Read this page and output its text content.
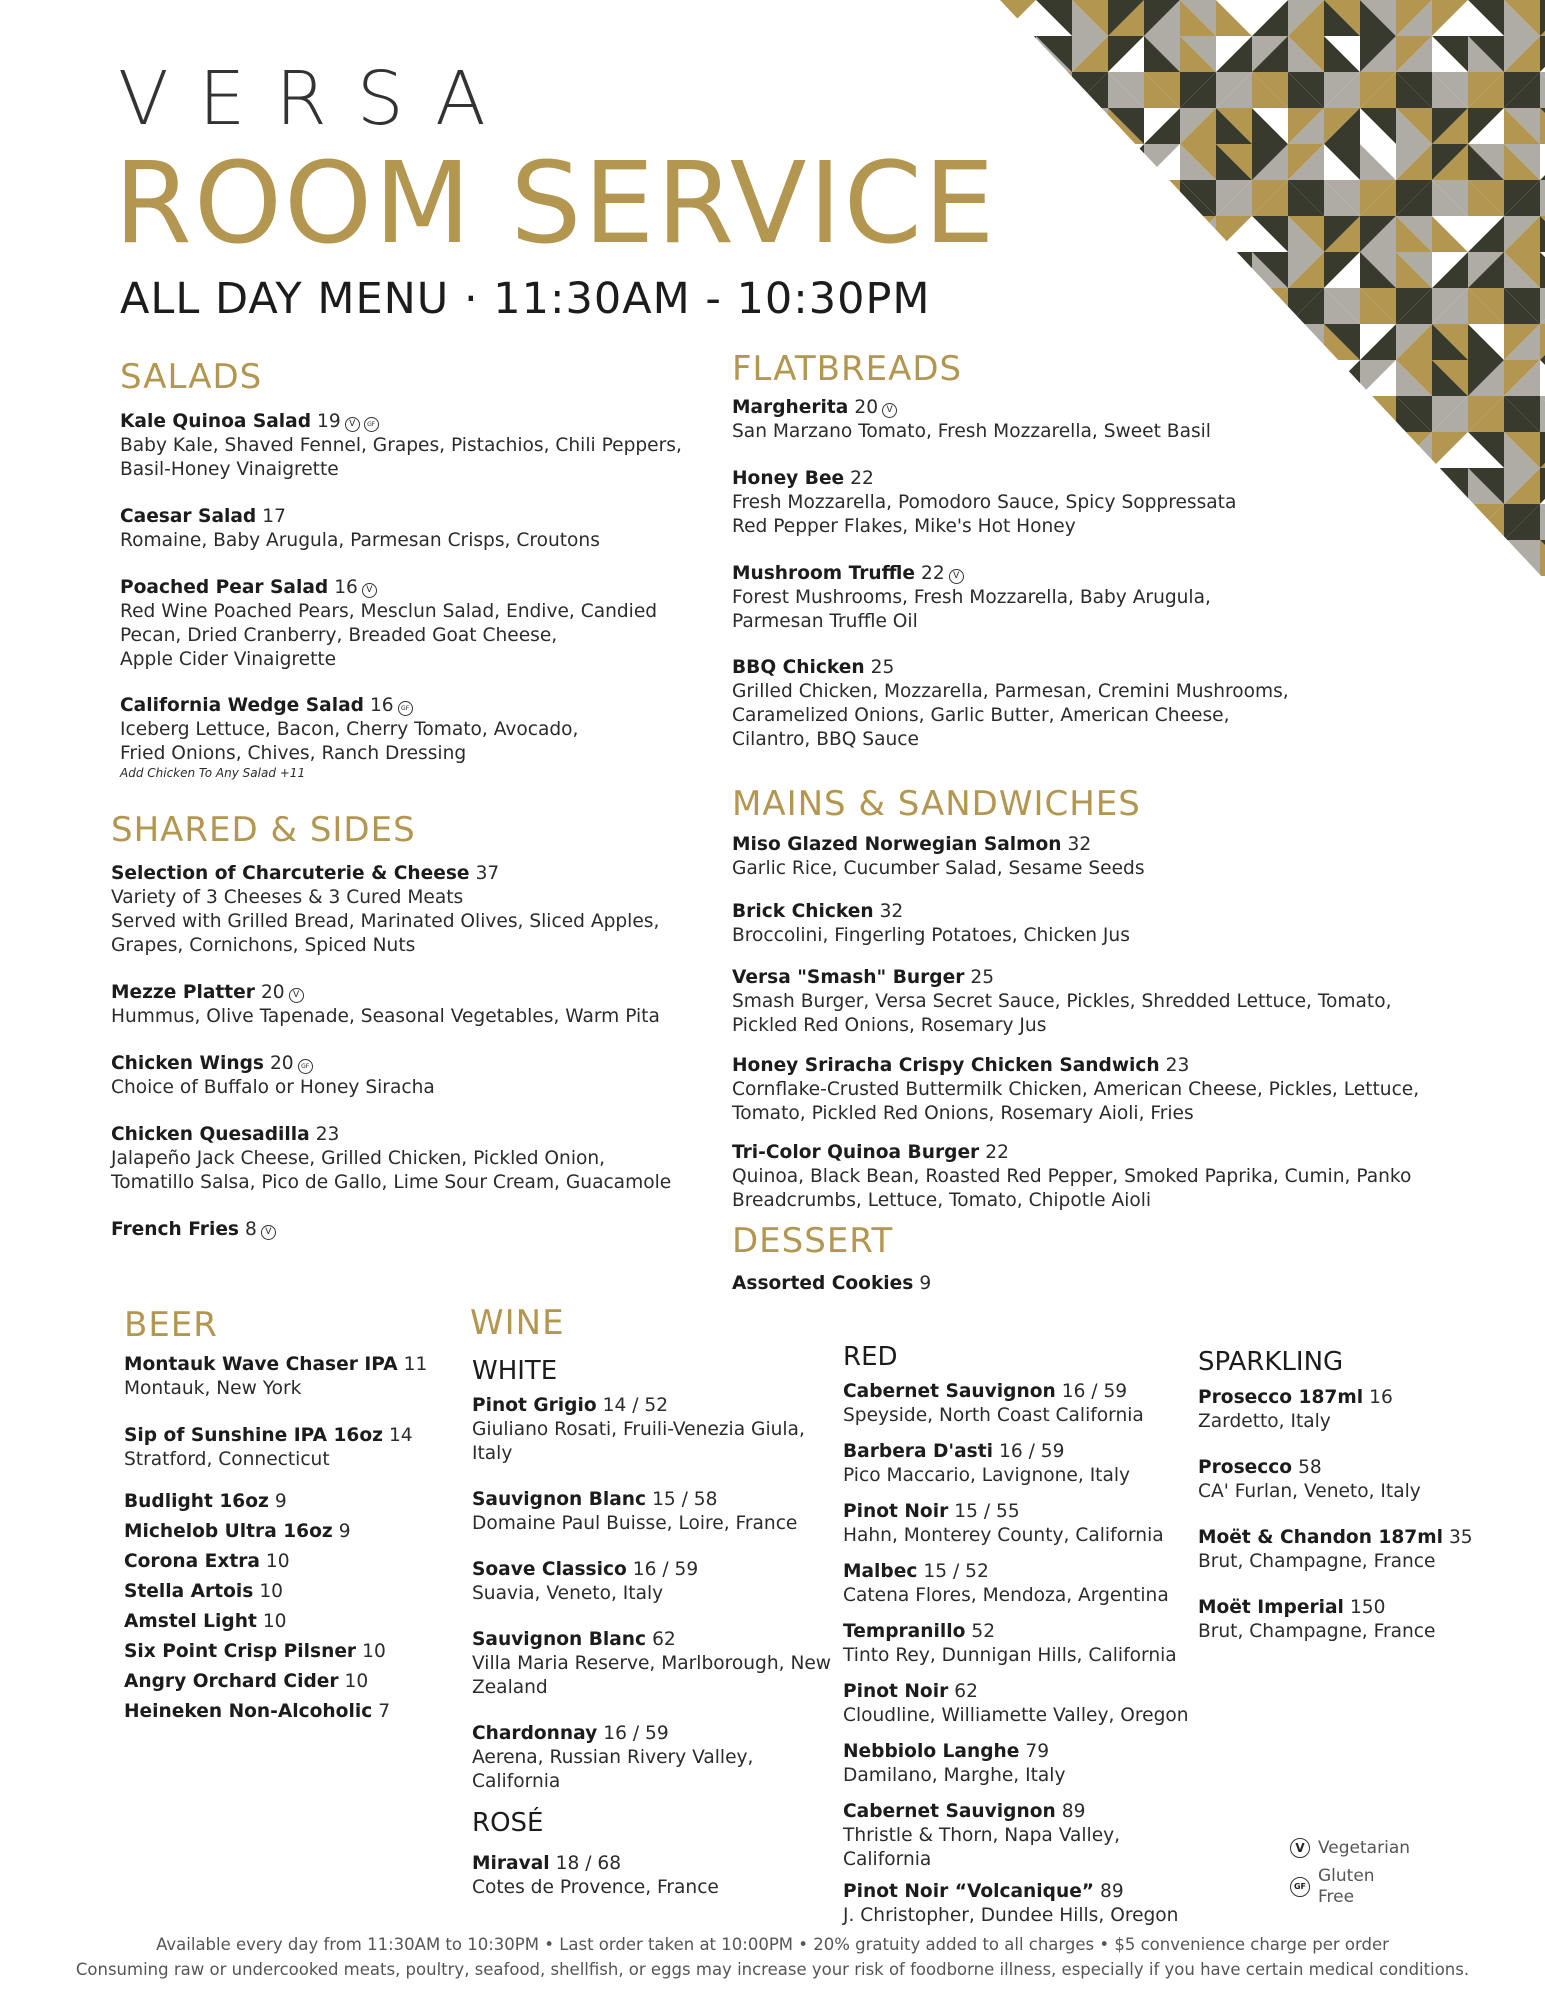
VERSA
ROOM SERVICE
ALL DAY MENU · 11:30AM - 10:30PM
SALADS
SHARED & SIDES
FLATBREADS
MAINS & SANDWICHES
DESSERT
BEER	WINE
WHITE
ROSÉ
RED	SPARKLING
Kale Quinoa Salad 19 V GF
Baby Kale, Shaved Fennel, Grapes, Pistachios, Chili Peppers,
Basil-Honey Vinaigrette
Caesar Salad 17
Romaine, Baby Arugula, Parmesan Crisps, Croutons
Poached Pear Salad 16 V
Red Wine Poached Pears, Mesclun Salad, Endive, Candied
Pecan, Dried Cranberry, Breaded Goat Cheese,
Apple Cider Vinaigrette
California Wedge Salad 16 GF
Iceberg Lettuce, Bacon, Cherry Tomato, Avocado,
Fried Onions, Chives, Ranch Dressing
Add Chicken To Any Salad +11
Selection of Charcuterie & Cheese 37
Variety of 3 Cheeses & 3 Cured Meats
Served with Grilled Bread, Marinated Olives, Sliced Apples,
Grapes, Cornichons, Spiced Nuts
Mezze Platter 20 V
Hummus, Olive Tapenade, Seasonal Vegetables, Warm Pita
Chicken Wings 20 GF
Choice of Buffalo or Honey Siracha
Chicken Quesadilla 23
Jalapeño Jack Cheese, Grilled Chicken, Pickled Onion,
Tomatillo Salsa, Pico de Gallo, Lime Sour Cream, Guacamole
French Fries 8 V
Margherita 20 V
San Marzano Tomato, Fresh Mozzarella, Sweet Basil
Honey Bee 22
Fresh Mozzarella, Pomodoro Sauce, Spicy Soppressata
Red Pepper Flakes, Mike's Hot Honey
Mushroom Truffle 22 V
Forest Mushrooms, Fresh Mozzarella, Baby Arugula,
Parmesan Truffle Oil
BBQ Chicken 25
Grilled Chicken, Mozzarella, Parmesan, Cremini Mushrooms,
Caramelized Onions, Garlic Butter, American Cheese,
Cilantro, BBQ Sauce
Miso Glazed Norwegian Salmon 32
Garlic Rice, Cucumber Salad, Sesame Seeds
Brick Chicken 32
Broccolini, Fingerling Potatoes, Chicken Jus
Versa "Smash" Burger 25
Smash Burger, Versa Secret Sauce, Pickles, Shredded Lettuce, Tomato,
Pickled Red Onions, Rosemary Jus
Honey Sriracha Crispy Chicken Sandwich 23
Cornflake-Crusted Buttermilk Chicken, American Cheese, Pickles, Lettuce,
Tomato, Pickled Red Onions, Rosemary Aioli, Fries
Tri-Color Quinoa Burger 22
Quinoa, Black Bean, Roasted Red Pepper, Smoked Paprika, Cumin, Panko
Breadcrumbs, Lettuce, Tomato, Chipotle Aioli
Assorted Cookies 9
Montauk Wave Chaser IPA 11
Montauk, New York
Sip of Sunshine IPA 16oz 14
Stratford, Connecticut
Budlight 16oz 9
Michelob Ultra 16oz 9
Corona Extra 10
Stella Artois 10
Amstel Light 10
Six Point Crisp Pilsner 10
Angry Orchard Cider 10
Heineken Non-Alcoholic 7
Pinot Grigio 14 / 52
Giuliano Rosati, Fruili-Venezia Giula,
Italy
Sauvignon Blanc 15 / 58
Domaine Paul Buisse, Loire, France
Soave Classico 16 / 59
Suavia, Veneto, Italy
Sauvignon Blanc 62
Villa Maria Reserve, Marlborough, New
Zealand
Chardonnay 16 / 59
Aerena, Russian Rivery Valley,
California
Miraval 18 / 68
Cotes de Provence, France
Cabernet Sauvignon 16 / 59
Speyside, North Coast California
Barbera D'asti 16 / 59
Pico Maccario, Lavignone, Italy
Pinot Noir 15 / 55
Hahn, Monterey County, California
Malbec 15 / 52
Catena Flores, Mendoza, Argentina
Tempranillo 52
Tinto Rey, Dunnigan Hills, California
Pinot Noir 62
Cloudline, Williamette Valley, Oregon
Nebbiolo Langhe 79
Damilano, Marghe, Italy
Cabernet Sauvignon 89
Thristle & Thorn, Napa Valley,
California
Pinot Noir “Volcanique” 89
J. Christopher, Dundee Hills, Oregon
Prosecco 187ml 16
Zardetto, Italy
Prosecco 58
CA' Furlan, Veneto, Italy
Moët & Chandon 187ml 35
Brut, Champagne, France
Moët Imperial 150
Brut, Champagne, France
V Vegetarian
GF
Gluten
Free
Available every day from 11:30AM to 10:30PM • Last order taken at 10:00PM • 20% gratuity added to all charges • $5 convenience charge per order
Consuming raw or undercooked meats, poultry, seafood, shellfish, or eggs may increase your risk of foodborne illness, especially if you have certain medical conditions.
